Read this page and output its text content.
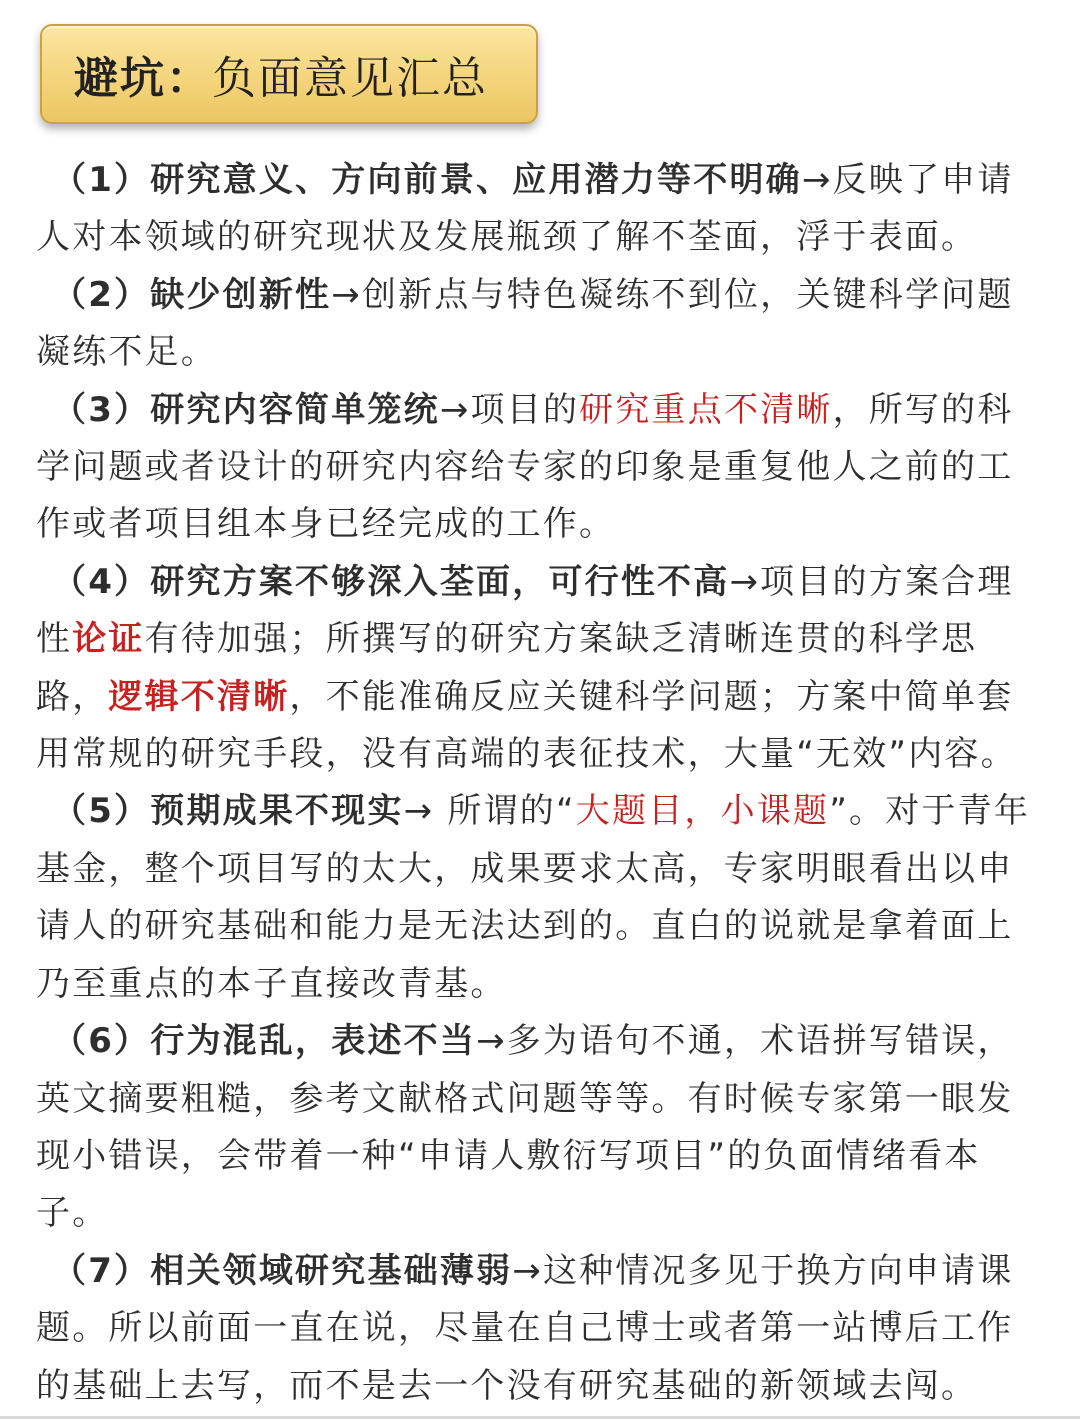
避坑： 负面意见汇总

（1）研究意义、方向前景、应用潜力等不明确→反映了申请人对本领域的研究现状及发展瓶颈了解不荃面，浮于表面。

（2）缺少创新性→创新点与特色凝练不到位，关键科学问题凝练不足。

（3）研究内容简单笼统→项目的研究重点不清晰，所写的科学问题或者设计的研究内容给专家的印象是重复他人之前的工作或者项目组本身已经完成的工作。

（4）研究方案不够深入荃面，可行性不高→项目的方案合理性论证有待加强；所撰写的研究方案缺乏清晰连贯的科学思路，逻辑不清晰，不能准确反应关键科学问题；方案中简单套用常规的研究手段，没有高端的表征技术，大量“无效”内容。

（5）预期成果不现实→ 所谓的“大题目，小课题”。对于青年基金，整个项目写的太大，成果要求太高，专家明眼看出以申请人的研究基础和能力是无法达到的。直白的说就是拿着面上乃至重点的本子直接改青基。

（6）行为混乱，表述不当→多为语句不通，术语拼写错误，英文摘要粗糙，参考文献格式问题等等。有时候专家第一眼发现小错误，会带着一种“申请人敷衍写项目”的负面情绪看本子。

（7）相关领域研究基础薄弱→这种情况多见于换方向申请课题。所以前面一直在说，尽量在自己博士或者第一站博后工作的基础上去写，而不是去一个没有研究基础的新领域去闯。
